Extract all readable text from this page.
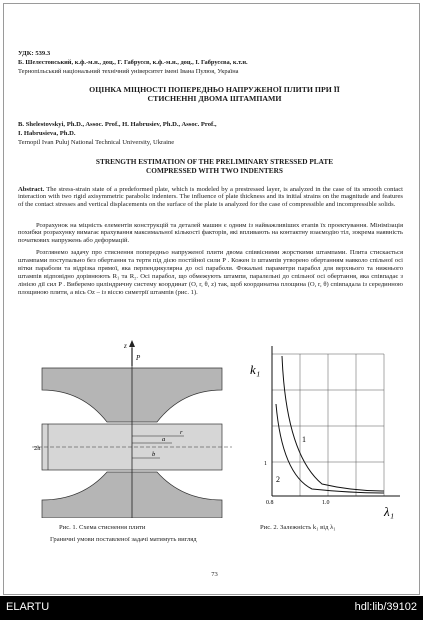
УДК: 539.3
Б. Шелестовський, к.ф.-м.н., доц., Г. Габрусєв, к.ф.-м.н., доц., І. Габрусєва, к.т.н.
Тернопільський національний технічний університет імені Івана Пулюя, Україна
ОЦІНКА МІЦНОСТІ ПОПЕРЕДНЬО НАПРУЖЕНОЇ ПЛИТИ ПРИ ЇЇ
СТИСНЕННІ ДВОМА ШТАМПАМИ
B. Shelestovskyi, Ph.D., Assoc. Prof., H. Habrusiev, Ph.D., Assoc. Prof.,
I. Habrusieva, Ph.D.
Ternopil Ivan Puluj National Technical University, Ukraine
STRENGTH ESTIMATION OF THE PRELIMINARY STRESSED PLATE
COMPRESSED WITH TWO INDENTERS
Abstract. The stress-strain state of a predeformed plate, which is modeled by a prestressed layer, is analyzed in the case of its smooth contact interaction with two rigid axisymmetric parabolic indenters. The influence of plate thickness and its initial strains on the magnitude and features of the contact stresses and vertical displacements on the surface of the plate is analyzed for the case of compressible and incompressible solids.
Розрахунок на міцність елементів конструкцій та деталей машин є одним із найважливіших етапів їх проектування. Мінімізація похибки розрахунку вимагає врахування максимальної кількості факторів, які впливають на контактну взаємодію тіл, зокрема наявність початкових напружень або деформацій.
Розглянемо задачу про стиснення попередньо напруженої плити двома співвісними жорсткими штампами. Плита стискається штампами поступально без обертання та тертя під дією постійної сили P . Кожен із штампів утворено обертанням навколо спільної осі вітки параболи та відрізка прямої, яка перпендикулярна до осі параболи. Фокальні параметри парабол для верхнього та нижнього штампів відповідно дорівнюють R₁ та R₂. Осі парабол, що обмежують штампи, паралельні до спільної осі обертання, яка співпадає з лінією дії сил P . Виберемо циліндричну систему координат (O, r, θ, z) так, щоб координатна площина (O, r, θ) співпадала із серединною площиною плити, а вісь Oz – із віссю симетрії штампів (рис. 1).
z
P
2h
r
a
b
k₁
λ₁
1
0.8	1.0
1
2
Рис. 1. Схема стиснення плити	Рис. 2. Залежність k₁ від λ₁
Граничні умови поставленої задачі матимуть вигляд
73
ELARTU	hdl:lib/39102
